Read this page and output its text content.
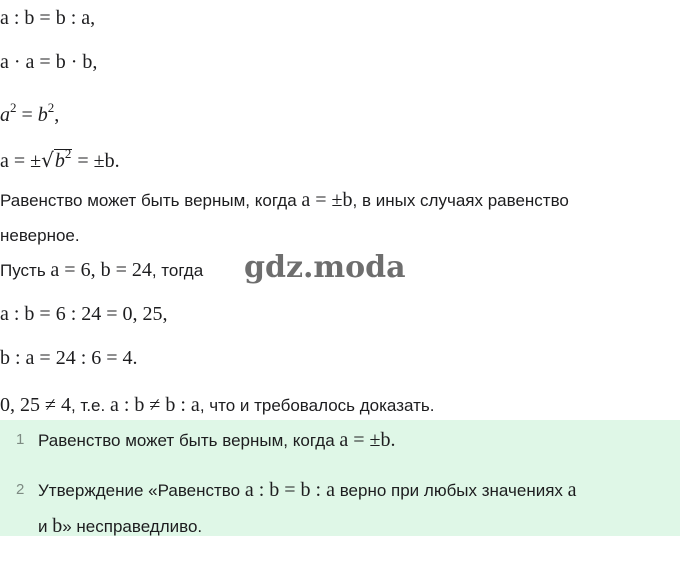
a : b = b : a,
a · a = b · b,
$a^2 = b^2$,
$a = \pm√b^2 = \pm b$.
Равенство может быть верным, когда a = ±b, в иных случаях равенство
неверное.
Пусть a = 6, b = 24, тогда gdz.moda
a : b = 6 : 24 = 0, 25,
b : a = 24 : 6 = 4.
0, 25 ≠ 4, т.е. a : b ≠ b : a, что и требовалось доказать.
1 Равенство может быть верным, когда a = ±b.
2 Утверждение «Равенство a : b = b : a верно при любых значениях a
и b» несправедливо.
